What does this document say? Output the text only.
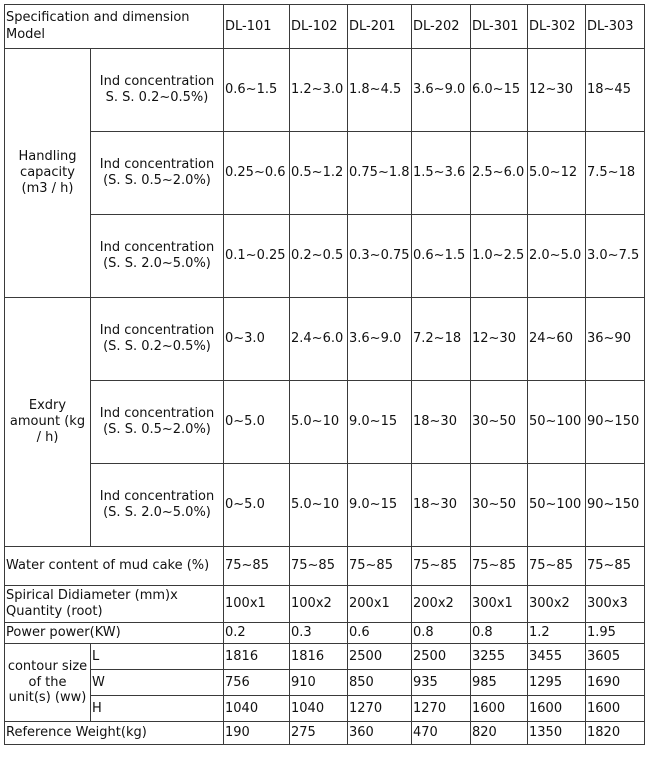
Specification and dimension
Model		DL-101	DL-102	DL-201	DL-202	DL-301	DL-302	DL-303
Handling capacity (m3 / h)	Ind concentration S. S. 0.2~0.5%)	0.6~1.5	1.2~3.0	1.8~4.5	3.6~9.0	6.0~15	12~30	18~45
	Ind concentration (S. S. 0.5~2.0%)	0.25~0.6	0.5~1.2	0.75~1.8	1.5~3.6	2.5~6.0	5.0~12	7.5~18
	Ind concentration (S. S. 2.0~5.0%)	0.1~0.25	0.2~0.5	0.3~0.75	0.6~1.5	1.0~2.5	2.0~5.0	3.0~7.5
Exdry amount (kg / h)	Ind concentration (S. S. 0.2~0.5%)	0~3.0	2.4~6.0	3.6~9.0	7.2~18	12~30	24~60	36~90
	Ind concentration (S. S. 0.5~2.0%)	0~5.0	5.0~10	9.0~15	18~30	30~50	50~100	90~150
	Ind concentration (S. S. 2.0~5.0%)	0~5.0	5.0~10	9.0~15	18~30	30~50	50~100	90~150
Water content of mud cake (%)		75~85	75~85	75~85	75~85	75~85	75~85	75~85
Spirical Didiameter (mm)x Quantity (root)		100x1	100x2	200x1	200x2	300x1	300x2	300x3
Power power(KW)		0.2	0.3	0.6	0.8	0.8	1.2	1.95
contour size of the unit(s) (ww)	L	1816	1816	2500	2500	3255	3455	3605
	W	756	910	850	935	985	1295	1690
	H	1040	1040	1270	1270	1600	1600	1600
Reference Weight(kg)		190	275	360	470	820	1350	1820
